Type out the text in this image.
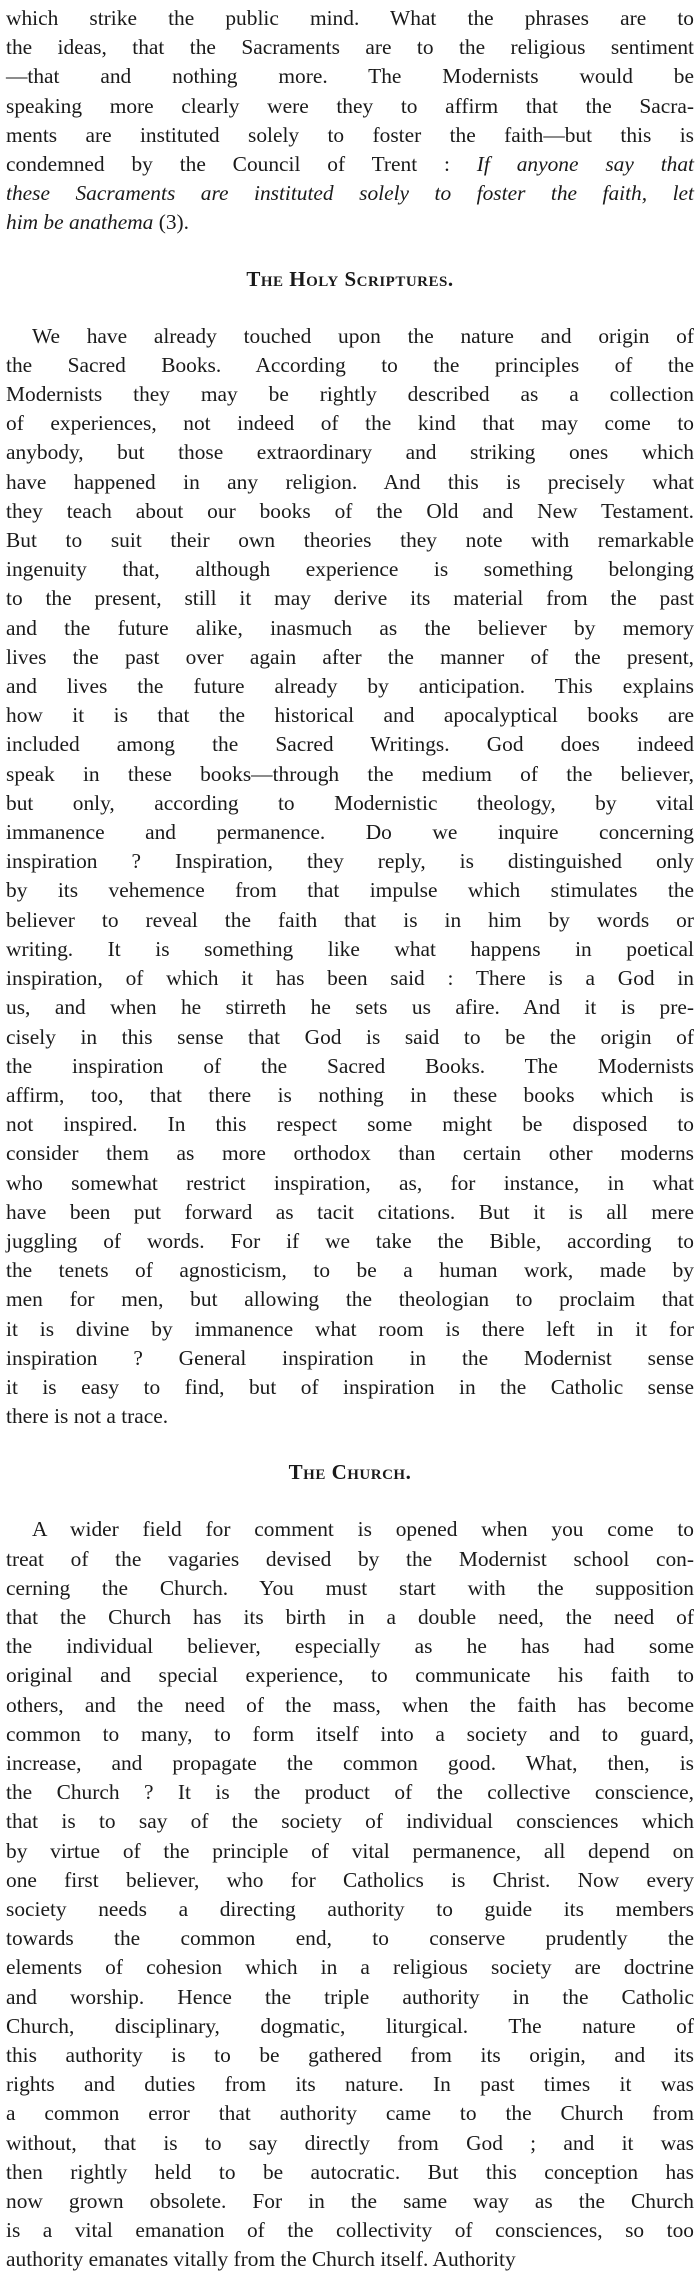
which strike the public mind. What the phrases are to
the ideas, that the Sacraments are to the religious sentiment
—that and nothing more. The Modernists would be
speaking more clearly were they to affirm that the Sacra-
ments are instituted solely to foster the faith—but this is
condemned by the Council of Trent : If anyone say that
these Sacraments are instituted solely to foster the faith, let
him be anathema (3).

The Holy Scriptures.

We have already touched upon the nature and origin of
the Sacred Books. According to the principles of the
Modernists they may be rightly described as a collection
of experiences, not indeed of the kind that may come to
anybody, but those extraordinary and striking ones which
have happened in any religion. And this is precisely what
they teach about our books of the Old and New Testament.
But to suit their own theories they note with remarkable
ingenuity that, although experience is something belonging
to the present, still it may derive its material from the past
and the future alike, inasmuch as the believer by memory
lives the past over again after the manner of the present,
and lives the future already by anticipation. This explains
how it is that the historical and apocalyptical books are
included among the Sacred Writings. God does indeed
speak in these books—through the medium of the believer,
but only, according to Modernistic theology, by vital
immanence and permanence. Do we inquire concerning
inspiration ? Inspiration, they reply, is distinguished only
by its vehemence from that impulse which stimulates the
believer to reveal the faith that is in him by words or
writing. It is something like what happens in poetical
inspiration, of which it has been said : There is a God in
us, and when he stirreth he sets us afire. And it is pre-
cisely in this sense that God is said to be the origin of
the inspiration of the Sacred Books. The Modernists
affirm, too, that there is nothing in these books which is
not inspired. In this respect some might be disposed to
consider them as more orthodox than certain other moderns
who somewhat restrict inspiration, as, for instance, in what
have been put forward as tacit citations. But it is all mere
juggling of words. For if we take the Bible, according to
the tenets of agnosticism, to be a human work, made by
men for men, but allowing the theologian to proclaim that
it is divine by immanence what room is there left in it for
inspiration ? General inspiration in the Modernist sense
it is easy to find, but of inspiration in the Catholic sense
there is not a trace.

The Church.

A wider field for comment is opened when you come to
treat of the vagaries devised by the Modernist school con-
cerning the Church. You must start with the supposition
that the Church has its birth in a double need, the need of
the individual believer, especially as he has had some
original and special experience, to communicate his faith to
others, and the need of the mass, when the faith has become
common to many, to form itself into a society and to guard,
increase, and propagate the common good. What, then, is
the Church ? It is the product of the collective conscience,
that is to say of the society of individual consciences which
by virtue of the principle of vital permanence, all depend on
one first believer, who for Catholics is Christ. Now every
society needs a directing authority to guide its members
towards the common end, to conserve prudently the
elements of cohesion which in a religious society are doctrine
and worship. Hence the triple authority in the Catholic
Church, disciplinary, dogmatic, liturgical. The nature of
this authority is to be gathered from its origin, and its
rights and duties from its nature. In past times it was
a common error that authority came to the Church from
without, that is to say directly from God ; and it was
then rightly held to be autocratic. But this conception has
now grown obsolete. For in the same way as the Church
is a vital emanation of the collectivity of consciences, so too
authority emanates vitally from the Church itself. Authority
